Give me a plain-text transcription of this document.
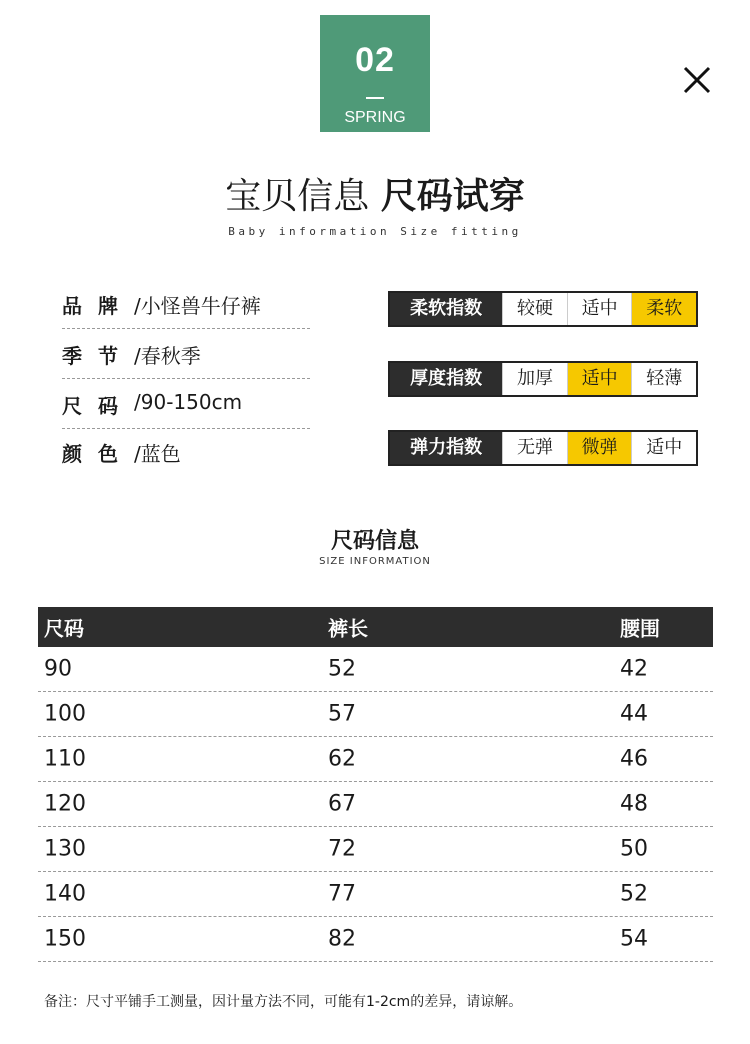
02
SPRING
宝贝信息 尺码试穿
Baby information Size fitting
品牌 /小怪兽牛仔裤
季节 /春秋季
尺码 /90-150cm
颜色 /蓝色
柔软指数	较硬	适中	柔软
厚度指数	加厚	适中	轻薄
弹力指数	无弹	微弹	适中
尺码信息
SIZE INFORMATION
尺码	裤长	腰围
90	52	42
100	57	44
110	62	46
120	67	48
130	72	50
140	77	52
150	82	54
备注：尺寸平铺手工测量，因计量方法不同，可能有1-2cm的差异，请谅解。
